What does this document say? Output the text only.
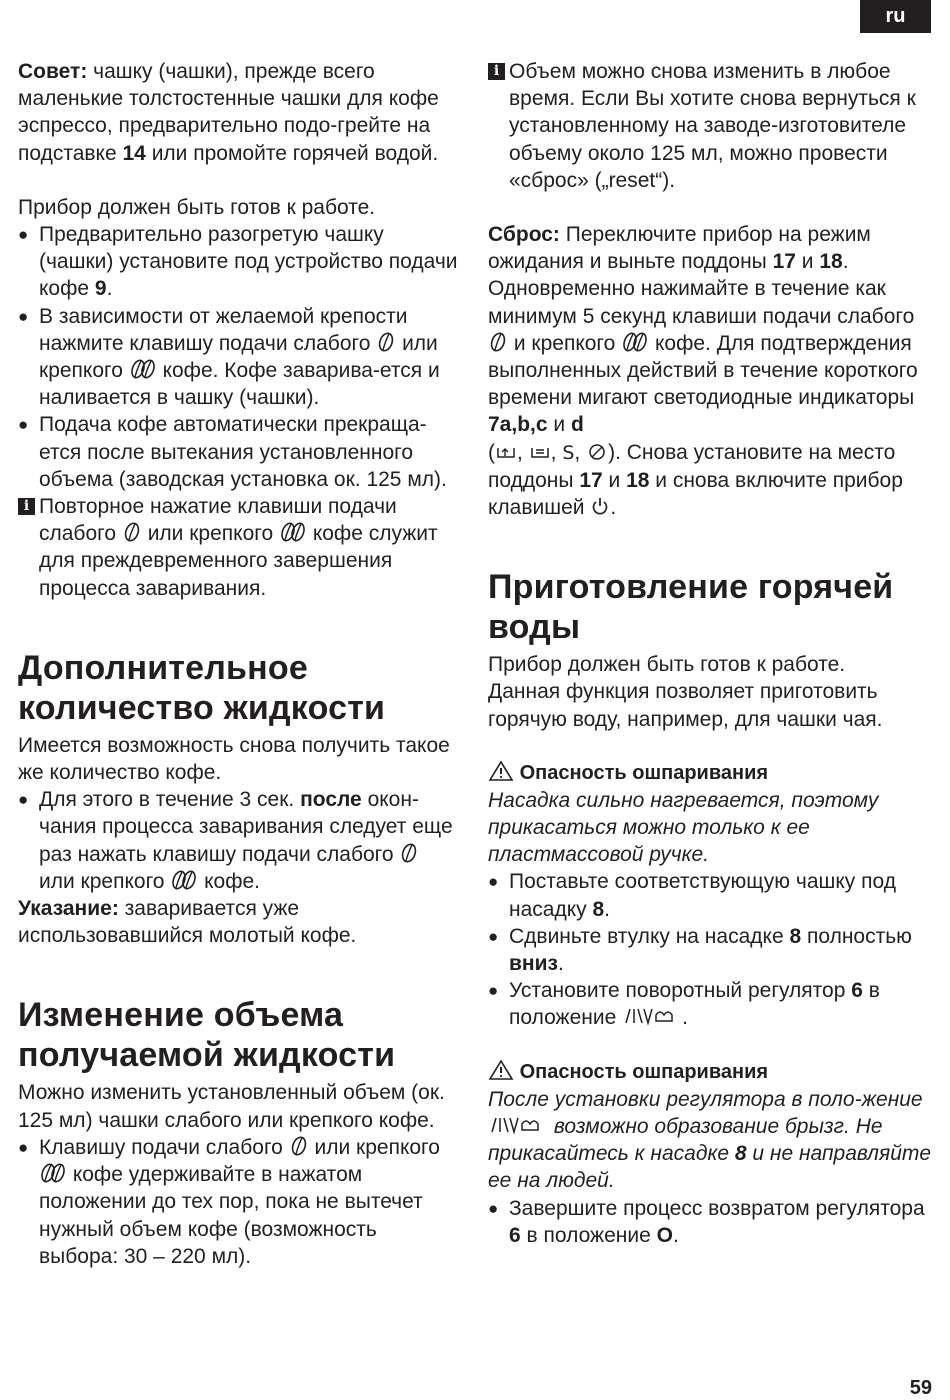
ru

Совет: чашку (чашки), прежде всего маленькие толстостенные чашки для кофе эспрессо, предварительно подо-грейте на подставке 14 или промойте горячей водой.

Прибор должен быть готов к работе.

● Предварительно разогретую чашку (чашки) установите под устройство подачи кофе 9.

● В зависимости от желаемой крепости нажмите клавишу подачи слабого  или крепкого  кофе. Кофе заварива-ется и наливается в чашку (чашки).

● Подача кофе автоматически прекраща-ется после вытекания установленного объема (заводская установка ок. 125 мл).

i Повторное нажатие клавиши подачи слабого  или крепкого  кофе служит для преждевременного завершения процесса заваривания.

Дополнительное количество жидкости

Имеется возможность снова получить такое же количество кофе.

● Для этого в течение 3 сек. после окон-чания процесса заваривания следует еще раз нажать клавишу подачи слабого  или крепкого  кофе.

Указание: заваривается уже использовавшийся молотый кофе.

Изменение объема получаемой жидкости

Можно изменить установленный объем (ок. 125 мл) чашки слабого или крепкого кофе.

● Клавишу подачи слабого  или крепкого  кофе удерживайте в нажатом положении до тех пор, пока не вытечет нужный объем кофе (возможность выбора: 30 – 220 мл).

i Объем можно снова изменить в любое время. Если Вы хотите снова вернуться к установленному на заводе-изготовителе объему около 125 мл, можно провести «сброс» („reset“).

Сброс: Переключите прибор на режим ожидания и выньте поддоны 17 и 18. Одновременно нажимайте в течение как минимум 5 секунд клавиши подачи слабого  и крепкого  кофе. Для подтверждения выполненных действий в течение короткого времени мигают светодиодные индикаторы 7a,b,c и d
( , , S, ). Снова установите на место поддоны 17 и 18 и снова включите прибор клавишей .

Приготовление горячей воды

Прибор должен быть готов к работе.

Данная функция позволяет приготовить горячую воду, например, для чашки чая.

Опасность ошпаривания

Насадка сильно нагревается, поэтому прикасаться можно только к ее пластмассовой ручке.

● Поставьте соответствующую чашку под насадку 8.

● Сдвиньте втулку на насадке 8 полностью вниз.

● Установите поворотный регулятор 6 в положение	.

Опасность ошпаривания

После установки регулятора в поло-жение  возможно образование брызг. Не прикасайтесь к насадке 8 и не направляйте ее на людей.

● Завершите процесс возвратом регулятора 6 в положение O.

59
